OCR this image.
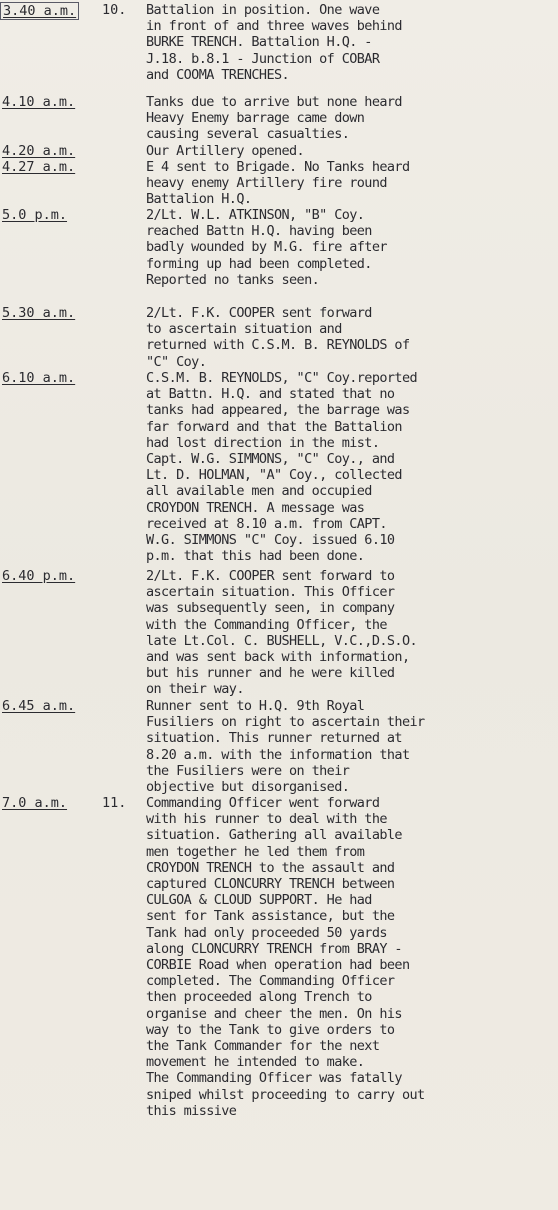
3.40 a.m. 10. Battalion in position. One wave
in front of and three waves behind
BURKE TRENCH. Battalion H.Q. -
J.18. b.8.1 - Junction of COBAR
and COOMA TRENCHES.
4.10 a.m.	Tanks due to arrive but none heard
Heavy Enemy barrage came down
causing several casualties.
4.20 a.m.	Our Artillery opened.
4.27 a.m.	E 4 sent to Brigade. No Tanks heard
heavy enemy Artillery fire round
Battalion H.Q.
5.0 p.m.	2/Lt. W.L. ATKINSON, "B" Coy.
reached Battn H.Q. having been
badly wounded by M.G. fire after
forming up had been completed.
Reported no tanks seen.
5.30 a.m.	2/Lt. F.K. COOPER sent forward
to ascertain situation and
returned with C.S.M. B. REYNOLDS of
"C" Coy.
6.10 a.m.	C.S.M. B. REYNOLDS, "C" Coy.reported
at Battn. H.Q. and stated that no
tanks had appeared, the barrage was
far forward and that the Battalion
had lost direction in the mist.
Capt. W.G. SIMMONS, "C" Coy., and
Lt. D. HOLMAN, "A" Coy., collected
all available men and occupied
CROYDON TRENCH. A message was
received at 8.10 a.m. from CAPT.
W.G. SIMMONS "C" Coy. issued 6.10
p.m. that this had been done.
6.40 p.m.	2/Lt. F.K. COOPER sent forward to
ascertain situation. This Officer
was subsequently seen, in company
with the Commanding Officer, the
late Lt.Col. C. BUSHELL, V.C.,D.S.O.
and was sent back with information,
but his runner and he were killed
on their way.
6.45 a.m.	Runner sent to H.Q. 9th Royal
Fusiliers on right to ascertain their
situation. This runner returned at
8.20 a.m. with the information that
the Fusiliers were on their
objective but disorganised.
7.0 a.m.	11. Commanding Officer went forward
with his runner to deal with the
situation. Gathering all available
men together he led them from
CROYDON TRENCH to the assault and
captured CLONCURRY TRENCH between
CULGOA & CLOUD SUPPORT. He had
sent for Tank assistance, but the
Tank had only proceeded 50 yards
along CLONCURRY TRENCH from BRAY -
CORBIE Road when operation had been
completed. The Commanding Officer
then proceeded along Trench to
organise and cheer the men. On his
way to the Tank to give orders to
the Tank Commander for the next
movement he intended to make.
The Commanding Officer was fatally
sniped whilst proceeding to carry out
this missive
